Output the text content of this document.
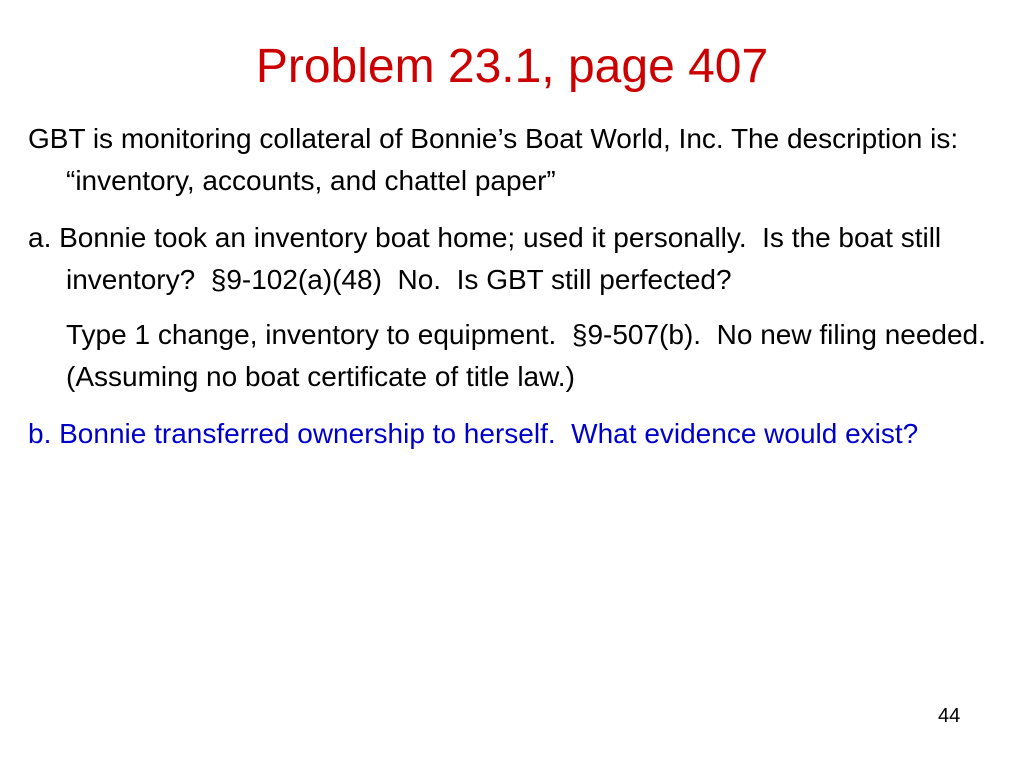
Problem 23.1, page 407

GBT is monitoring collateral of Bonnie’s Boat World, Inc. The description is: “inventory, accounts, and chattel paper”

a. Bonnie took an inventory boat home; used it personally.  Is the boat still inventory?  §9-102(a)(48)  No.  Is GBT still perfected?

Type 1 change, inventory to equipment.  §9-507(b).  No new filing needed.  (Assuming no boat certificate of title law.)

b. Bonnie transferred ownership to herself.  What evidence would exist?

44
